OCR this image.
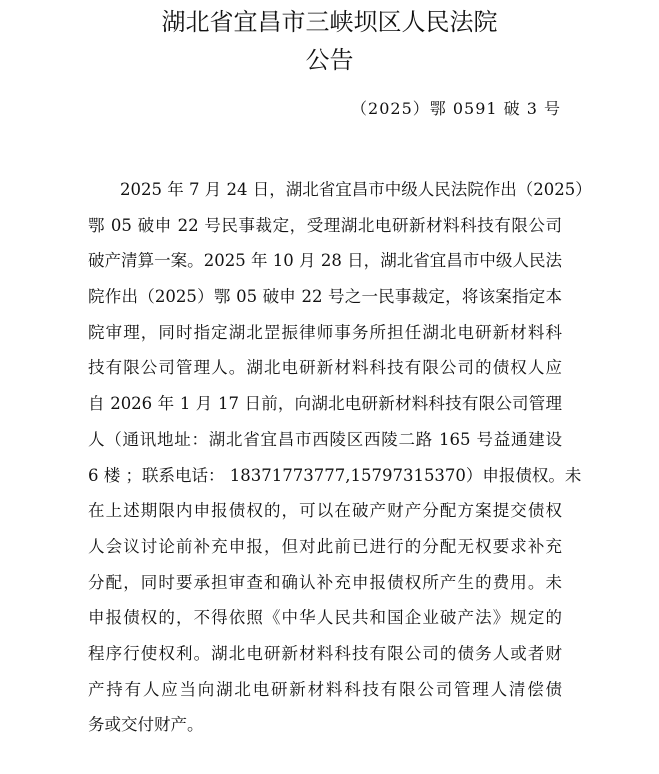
湖北省宜昌市三峡坝区人民法院
公告
（2025）鄂 0591 破 3 号
2025 年 7 月 24 日，湖北省宜昌市中级人民法院作出（2025）
鄂 05 破申 22 号民事裁定，受理湖北电研新材料科技有限公司
破产清算一案。2025 年 10 月 28 日，湖北省宜昌市中级人民法
院作出（2025）鄂 05 破申 22 号之一民事裁定，将该案指定本
院审理，同时指定湖北罡振律师事务所担任湖北电研新材料科
技有限公司管理人。湖北电研新材料科技有限公司的债权人应
自 2026 年 1 月 17 日前，向湖北电研新材料科技有限公司管理
人（通讯地址：湖北省宜昌市西陵区西陵二路 165 号益通建设
6 楼 ；联系电话： 18371773777,15797315370）申报债权。未
在上述期限内申报债权的，可以在破产财产分配方案提交债权
人会议讨论前补充申报，但对此前已进行的分配无权要求补充
分配，同时要承担审查和确认补充申报债权所产生的费用。未
申报债权的，不得依照《中华人民共和国企业破产法》规定的
程序行使权利。湖北电研新材料科技有限公司的债务人或者财
产持有人应当向湖北电研新材料科技有限公司管理人清偿债
务或交付财产。
